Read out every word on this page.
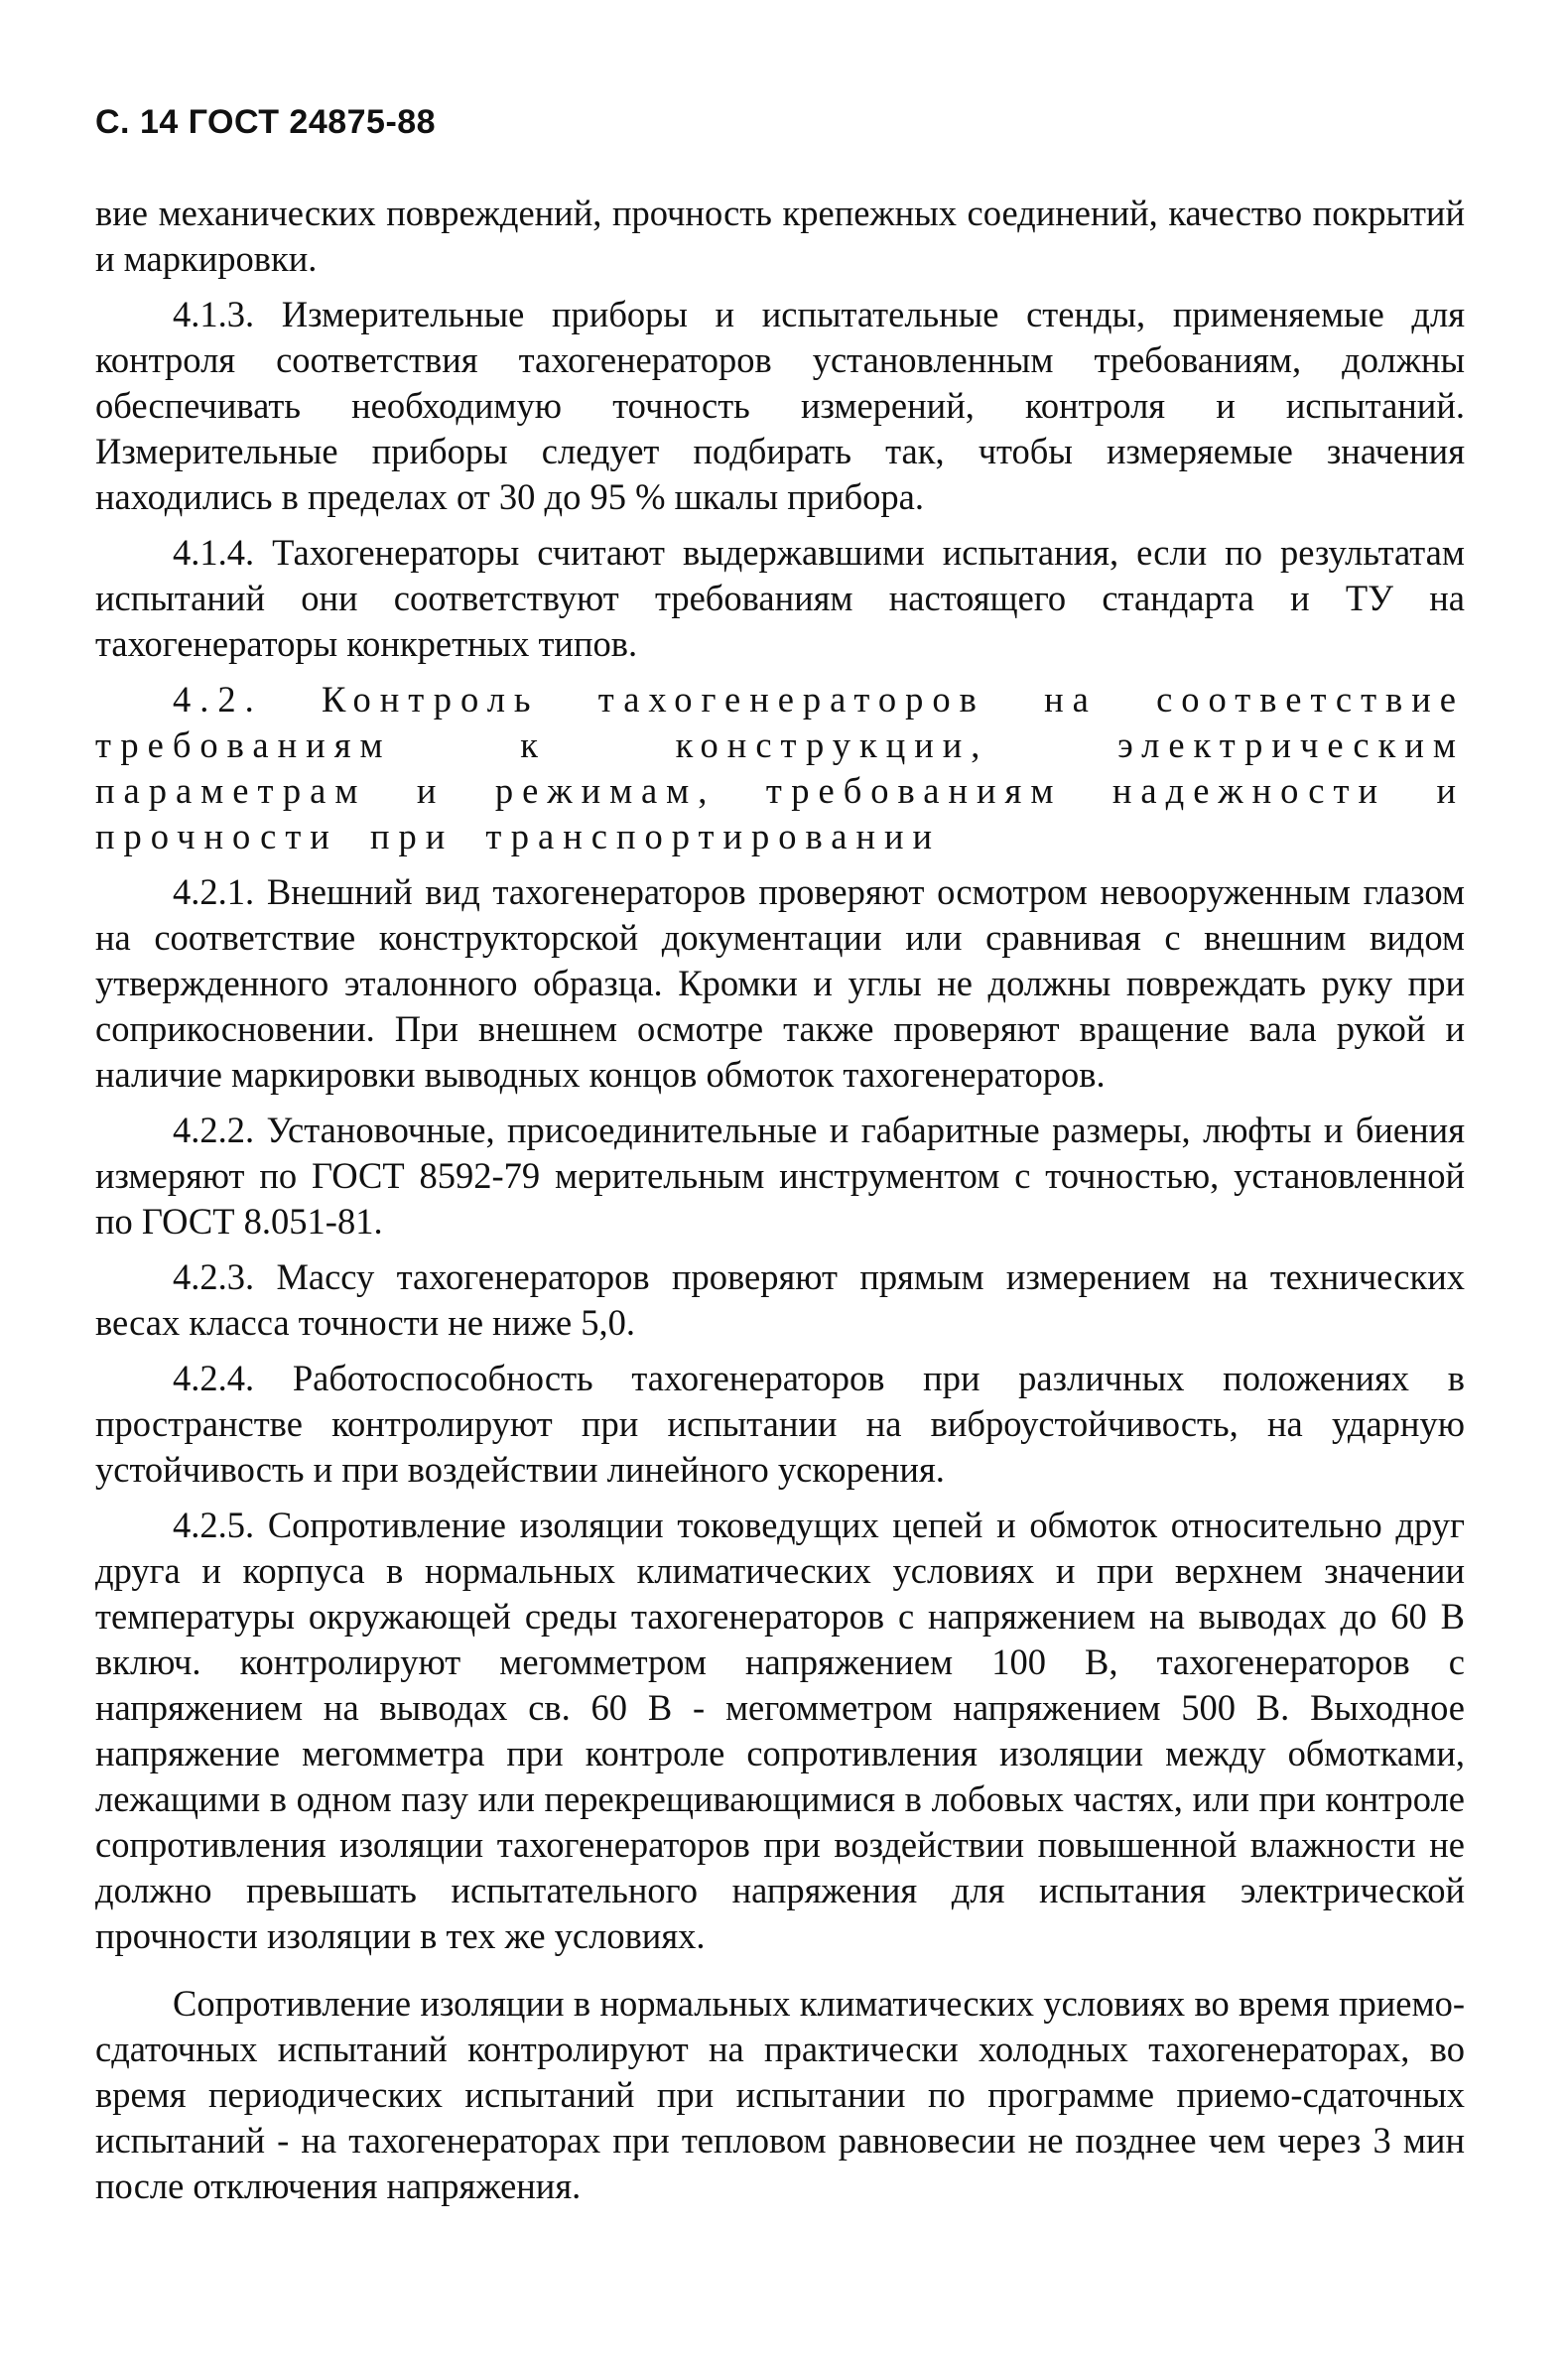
С. 14 ГОСТ 24875-88

вие механических повреждений, прочность крепежных соединений, качество покрытий и маркировки.

4.1.3. Измерительные приборы и испытательные стенды, применяемые для контроля соответствия тахогенераторов установленным требованиям, должны обеспечивать необходимую точность измерений, контроля и испытаний. Измерительные приборы следует подбирать так, чтобы измеряемые значения находились в пределах от 30 до 95 % шкалы прибора.

4.1.4. Тахогенераторы считают выдержавшими испытания, если по результатам испытаний они соответствуют требованиям настоящего стандарта и ТУ на тахогенераторы конкретных типов.

4.2. Контроль тахогенераторов на соответствие требованиям к конструкции, электрическим параметрам и режимам, требованиям надежности и прочности при транспортировании

4.2.1. Внешний вид тахогенераторов проверяют осмотром невооруженным глазом на соответствие конструкторской документации или сравнивая с внешним видом утвержденного эталонного образца. Кромки и углы не должны повреждать руку при соприкосновении. При внешнем осмотре также проверяют вращение вала рукой и наличие маркировки выводных концов обмоток тахогенераторов.

4.2.2. Установочные, присоединительные и габаритные размеры, люфты и биения измеряют по ГОСТ 8592-79 мерительным инструментом с точностью, установленной по ГОСТ 8.051-81.

4.2.3. Массу тахогенераторов проверяют прямым измерением на технических весах класса точности не ниже 5,0.

4.2.4. Работоспособность тахогенераторов при различных положениях в пространстве контролируют при испытании на виброустойчивость, на ударную устойчивость и при воздействии линейного ускорения.

4.2.5. Сопротивление изоляции токоведущих цепей и обмоток относительно друг друга и корпуса в нормальных климатических условиях и при верхнем значении температуры окружающей среды тахогенераторов с напряжением на выводах до 60 В включ. контролируют мегомметром напряжением 100 В, тахогенераторов с напряжением на выводах св. 60 В - мегомметром напряжением 500 В. Выходное напряжение мегомметра при контроле сопротивления изоляции между обмотками, лежащими в одном пазу или перекрещивающимися в лобовых частях, или при контроле сопротивления изоляции тахогенераторов при воздействии повышенной влажности не должно превышать испытательного напряжения для испытания электрической прочности изоляции в тех же условиях.

Сопротивление изоляции в нормальных климатических условиях во время приемо-сдаточных испытаний контролируют на практически холодных тахогенераторах, во время периодических испытаний при испытании по программе приемо-сдаточных испытаний - на тахогенераторах при тепловом равновесии не позднее чем через 3 мин после отключения напряжения.
